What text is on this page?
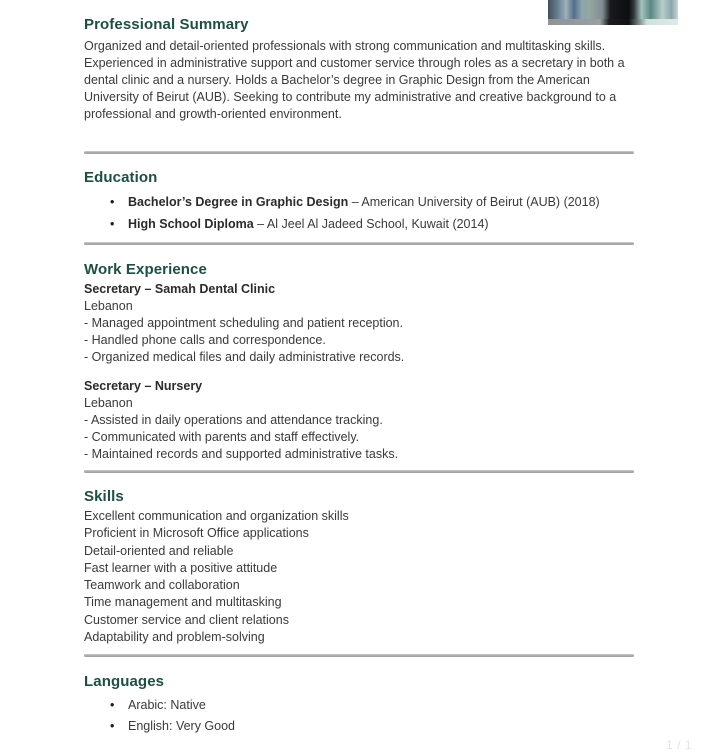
Professional Summary

Organized and detail-oriented professionals with strong communication and multitasking skills. Experienced in administrative support and customer service through roles as a secretary in both a dental clinic and a nursery. Holds a Bachelor’s degree in Graphic Design from the American University of Beirut (AUB). Seeking to contribute my administrative and creative background to a professional and growth-oriented environment.

Education
•	Bachelor’s Degree in Graphic Design – American University of Beirut (AUB) (2018)
•	High School Diploma – Al Jeel Al Jadeed School, Kuwait (2014)
Work Experience
Secretary – Samah Dental Clinic
Lebanon
- Managed appointment scheduling and patient reception.
- Handled phone calls and correspondence.
- Organized medical files and daily administrative records.
Secretary – Nursery
Lebanon
- Assisted in daily operations and attendance tracking.
- Communicated with parents and staff effectively.
- Maintained records and supported administrative tasks.
Skills
Excellent communication and organization skills
Proficient in Microsoft Office applications
Detail-oriented and reliable
Fast learner with a positive attitude
Teamwork and collaboration
Time management and multitasking
Customer service and client relations
Adaptability and problem-solving
Languages
•	Arabic: Native
•	English: Very Good
1 / 1
